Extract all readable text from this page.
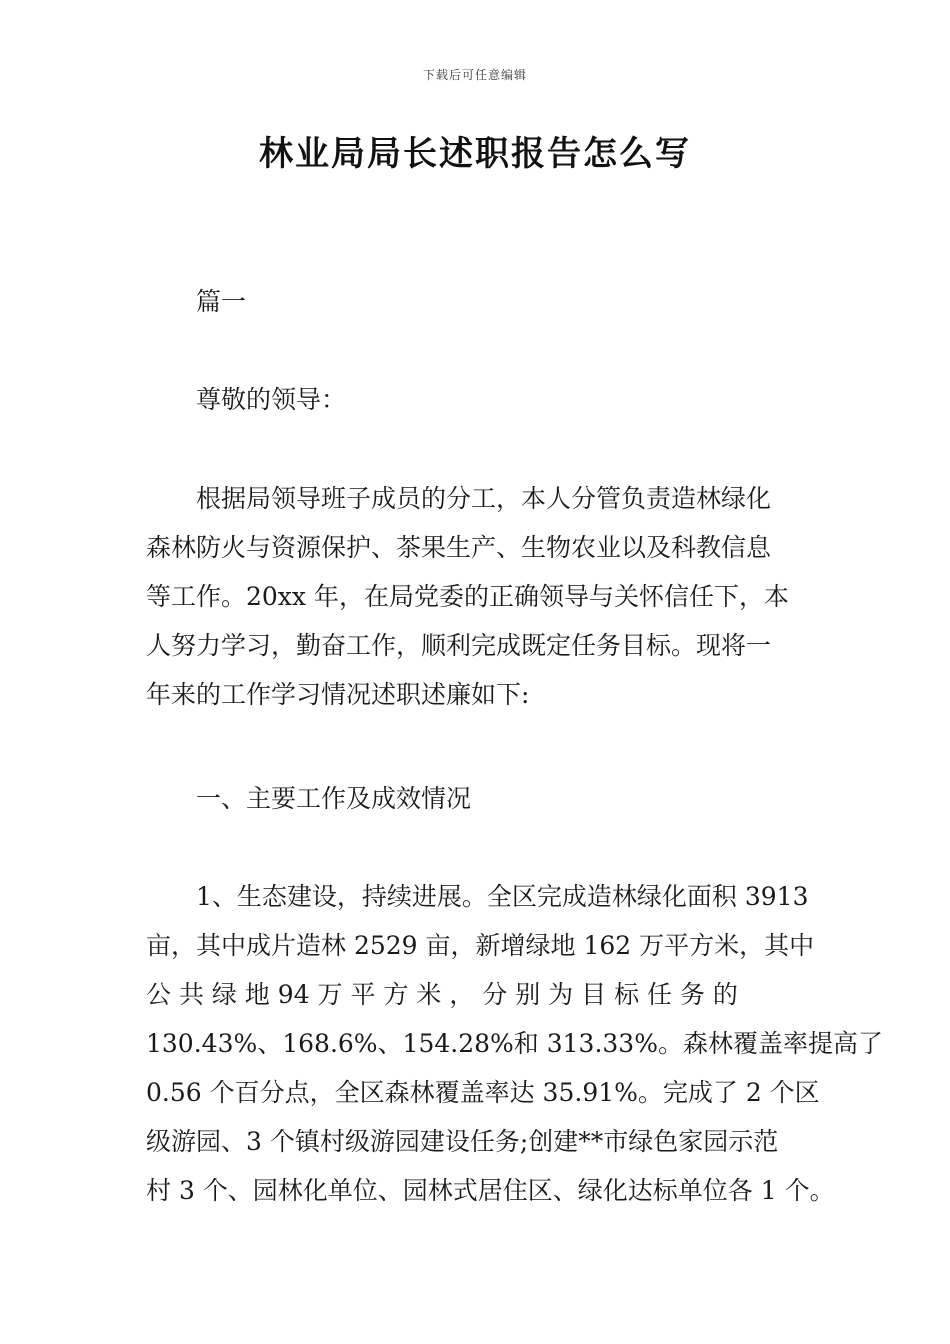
下载后可任意编辑
林业局局长述职报告怎么写

篇一

尊敬的领导：

根据局领导班子成员的分工，本人分管负责造林绿化
森林防火与资源保护、茶果生产、生物农业以及科教信息
等工作。20xx 年，在局党委的正确领导与关怀信任下，本
人努力学习，勤奋工作，顺利完成既定任务目标。现将一
年来的工作学习情况述职述廉如下:

一、主要工作及成效情况

1、生态建设，持续进展。全区完成造林绿化面积 3913
亩，其中成片造林 2529 亩，新增绿地 162 万平方米，其中
公 共 绿 地 94 万 平 方 米 ， 分 别 为 目 标 任 务 的
130.43%、168.6%、154.28%和 313.33%。森林覆盖率提高了
0.56 个百分点，全区森林覆盖率达 35.91%。完成了 2 个区
级游园、3 个镇村级游园建设任务;创建**市绿色家园示范
村 3 个、园林化单位、园林式居住区、绿化达标单位各 1 个。
